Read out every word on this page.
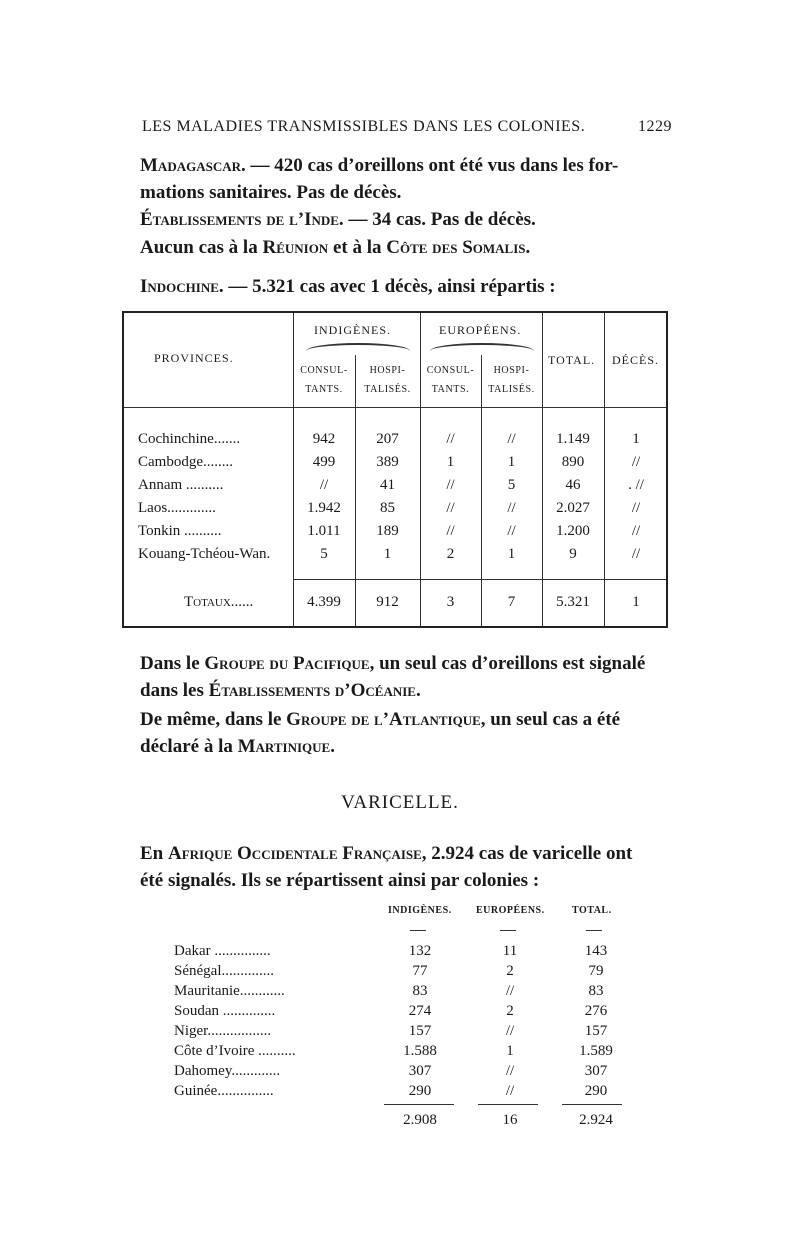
LES MALADIES TRANSMISSIBLES DANS LES COLONIES.	1229
Madagascar. — 420 cas d’oreillons ont été vus dans les for-
mations sanitaires. Pas de décès.
Établissements de l’Inde. — 34 cas. Pas de décès.
Aucun cas à la Réunion et à la Côte des Somalis.
Indochine. — 5.321 cas avec 1 décès, ainsi répartis :
PROVINCES.
INDIGÈNES.	EUROPÉENS.
CONSUL-
TANTS.
HOSPI-
TALISÉS.
CONSUL-
TANTS.
HOSPI-
TALISÉS.
TOTAL. DÉCÈS.
Cochinchine.......	942	207	//	//	1.149	1
Cambodge........	499	389	1	1	890	//
Annam ..........	//	41	//	5	46	. //
Laos.............	1.942	85	//	//	2.027	//
Tonkin ..........	1.011	189	//	//	1.200	//
Kouang-Tchéou-Wan.	5	1	2	1	9	//
Totaux......	4.399	912	3	7	5.321	1
Dans le Groupe du Pacifique, un seul cas d’oreillons est signalé
dans les Établissements d’Océanie.
De même, dans le Groupe de l’Atlantique, un seul cas a été
déclaré à la Martinique.
VARICELLE.
En Afrique Occidentale Française, 2.924 cas de varicelle ont
été signalés. Ils se répartissent ainsi par colonies :
INDIGÈNES. EUROPÉENS.	TOTAL.
Dakar ...............	132	11	143
Sénégal..............	77	2	79
Mauritanie............	83	//	83
Soudan ..............	274	2	276
Niger.................	157	//	157
Côte d’Ivoire ..........	1.588	1	1.589
Dahomey.............	307	//	307
Guinée...............	290	//	290
2.908	16	2.924
